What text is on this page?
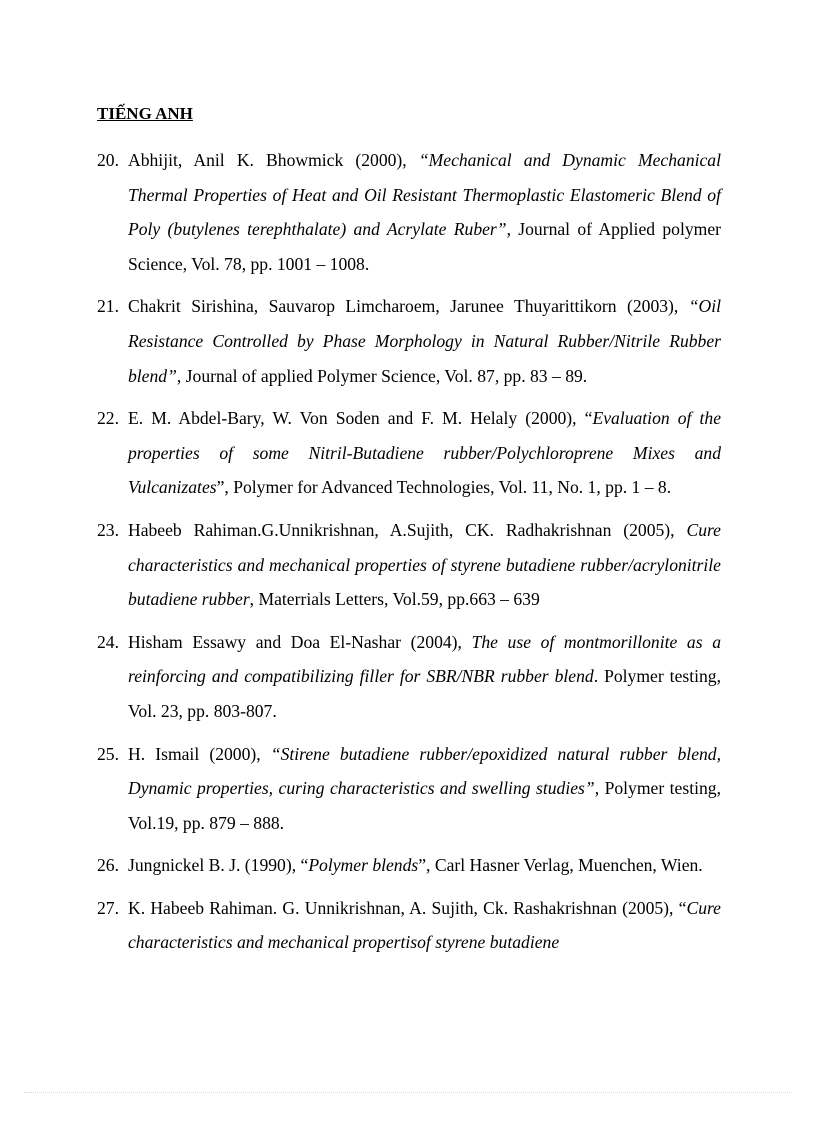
TIẾNG ANH
20. Abhijit, Anil K. Bhowmick (2000), “Mechanical and Dynamic Mechanical Thermal Properties of Heat and Oil Resistant Thermoplastic Elastomeric Blend of Poly (butylenes terephthalate) and Acrylate Ruber”, Journal of Applied polymer Science, Vol. 78, pp. 1001 – 1008.
21. Chakrit Sirishina, Sauvarop Limcharoem, Jarunee Thuyarittikorn (2003), “Oil Resistance Controlled by Phase Morphology in Natural Rubber/Nitrile Rubber blend”, Journal of applied Polymer Science, Vol. 87, pp. 83 – 89.
22. E. M. Abdel-Bary, W. Von Soden and F. M. Helaly (2000), “Evaluation of the properties of some Nitril-Butadiene rubber/Polychloroprene Mixes and Vulcanizates”, Polymer for Advanced Technologies, Vol. 11, No. 1, pp. 1 – 8.
23. Habeeb Rahiman.G.Unnikrishnan, A.Sujith, CK. Radhakrishnan (2005), Cure characteristics and mechanical properties of styrene butadiene rubber/acrylonitrile butadiene rubber, Materrials Letters, Vol.59, pp.663 – 639
24. Hisham Essawy and Doa El-Nashar (2004), The use of montmorillonite as a reinforcing and compatibilizing filler for SBR/NBR rubber blend. Polymer testing, Vol. 23, pp. 803-807.
25. H. Ismail (2000), “Stirene butadiene rubber/epoxidized natural rubber blend, Dynamic properties, curing characteristics and swelling studies”, Polymer testing, Vol.19, pp. 879 – 888.
26. Jungnickel B. J. (1990), “Polymer blends”, Carl Hasner Verlag, Muenchen, Wien.
27. K. Habeeb Rahiman. G. Unnikrishnan, A. Sujith, Ck. Rashakrishnan (2005), “Cure characteristics and mechanical propertisof styrene butadiene
